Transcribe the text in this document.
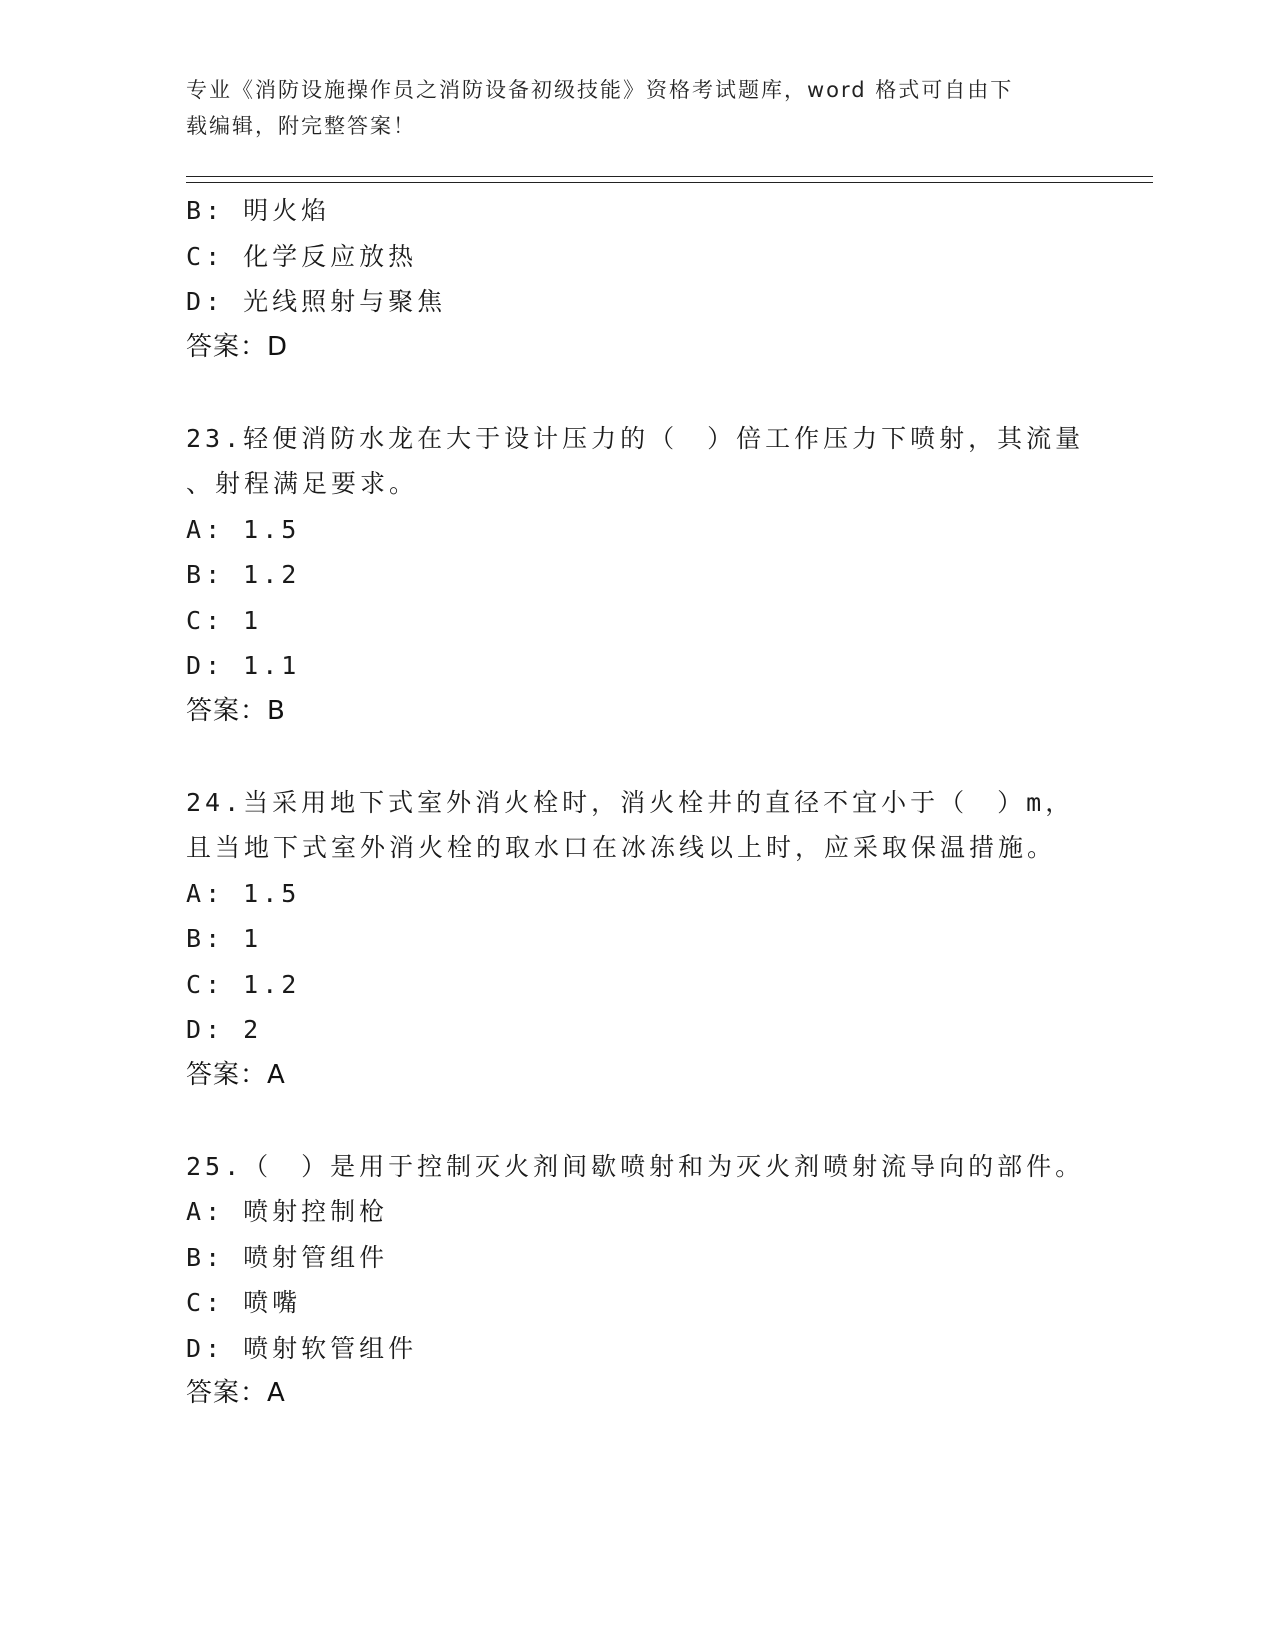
专业《消防设施操作员之消防设备初级技能》资格考试题库，word 格式可自由下
载编辑，附完整答案！
B: 明火焰
C: 化学反应放热
D: 光线照射与聚焦
答案：D
23.轻便消防水龙在大于设计压力的（　）倍工作压力下喷射，其流量
、射程满足要求。
A: 1.5
B: 1.2
C: 1
D: 1.1
答案：B
24.当采用地下式室外消火栓时，消火栓井的直径不宜小于（　）m，
且当地下式室外消火栓的取水口在冰冻线以上时，应采取保温措施。
A: 1.5
B: 1
C: 1.2
D: 2
答案：A
25.（　）是用于控制灭火剂间歇喷射和为灭火剂喷射流导向的部件。
A: 喷射控制枪
B: 喷射管组件
C: 喷嘴
D: 喷射软管组件
答案：A
